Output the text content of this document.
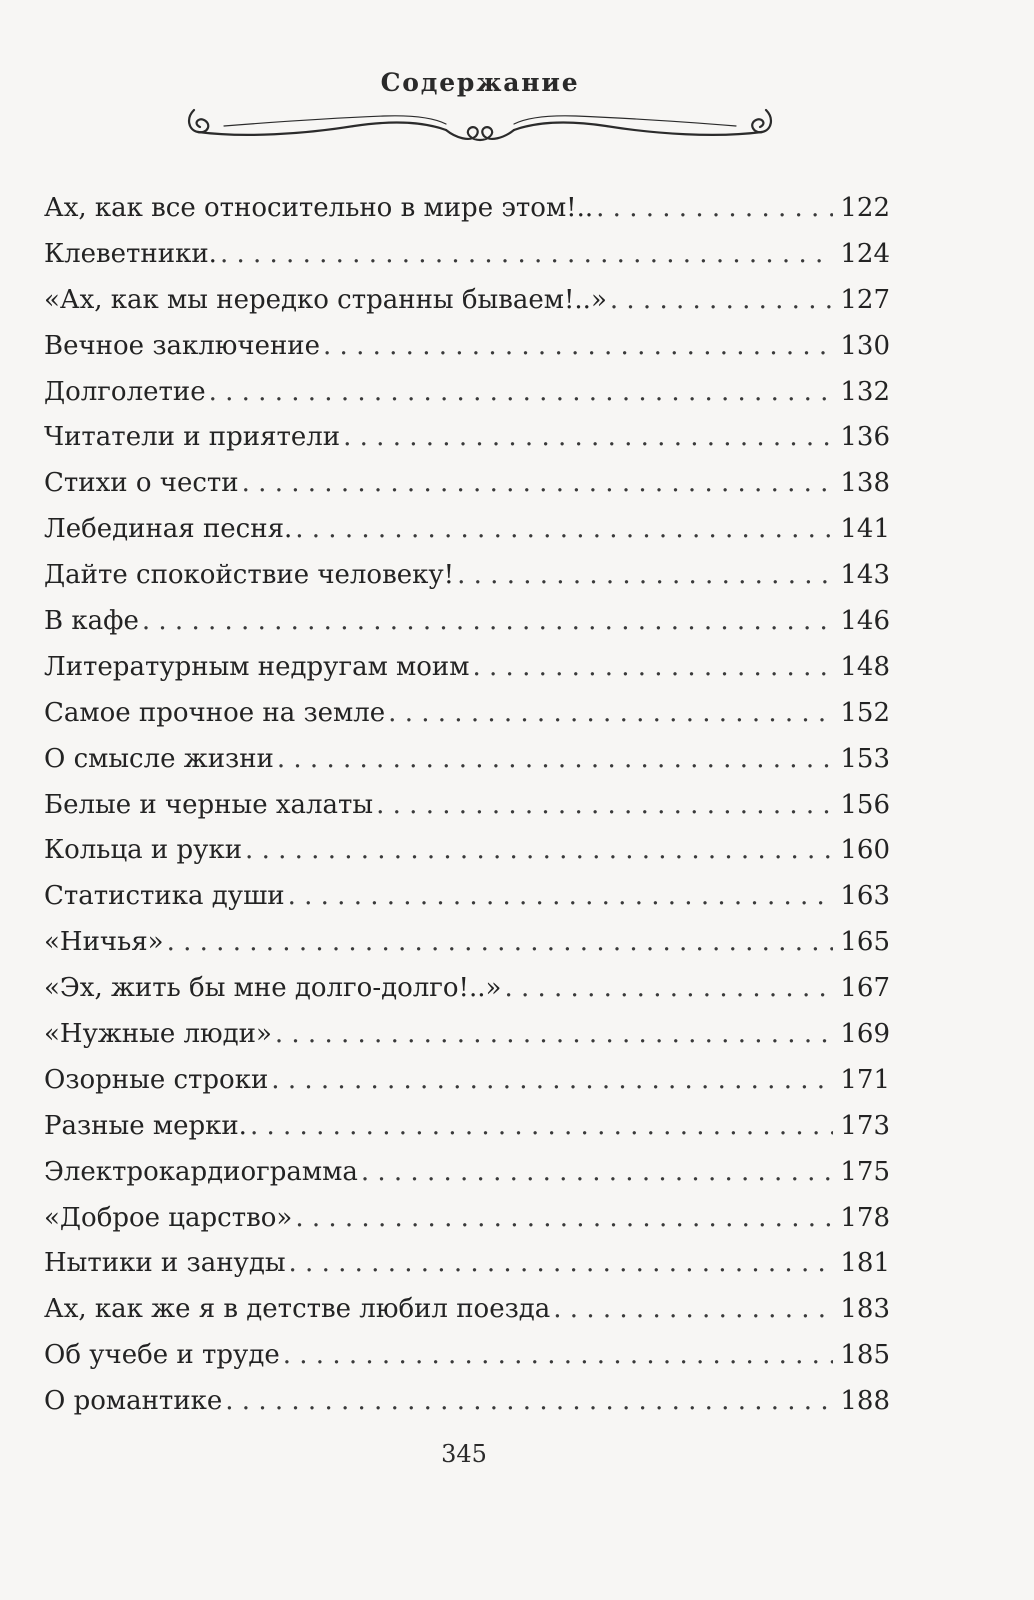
Содержание
Ах, как все относительно в мире этом!.. . . .	122
Клеветники. . . .	124
«Ах, как мы нередко странны бываем!..» . . .	127
Вечное заключение . . .	130
Долголетие . . .	132
Читатели и приятели . . .	136
Стихи о чести . . .	138
Лебединая песня. . . .	141
Дайте спокойствие человеку! . . .	143
В кафе . . .	146
Литературным недругам моим . . .	148
Самое прочное на земле . . .	152
О смысле жизни . . .	153
Белые и черные халаты . . .	156
Кольца и руки . . .	160
Статистика души . . .	163
«Ничья» . . .	165
«Эх, жить бы мне долго-долго!..» . . .	167
«Нужные люди» . . .	169
Озорные строки . . .	171
Разные мерки. . . .	173
Электрокардиограмма . . .	175
«Доброе царство» . . .	178
Нытики и зануды . . .	181
Ах, как же я в детстве любил поезда . . .	183
Об учебе и труде . . .	185
О романтике . . .	188
345
